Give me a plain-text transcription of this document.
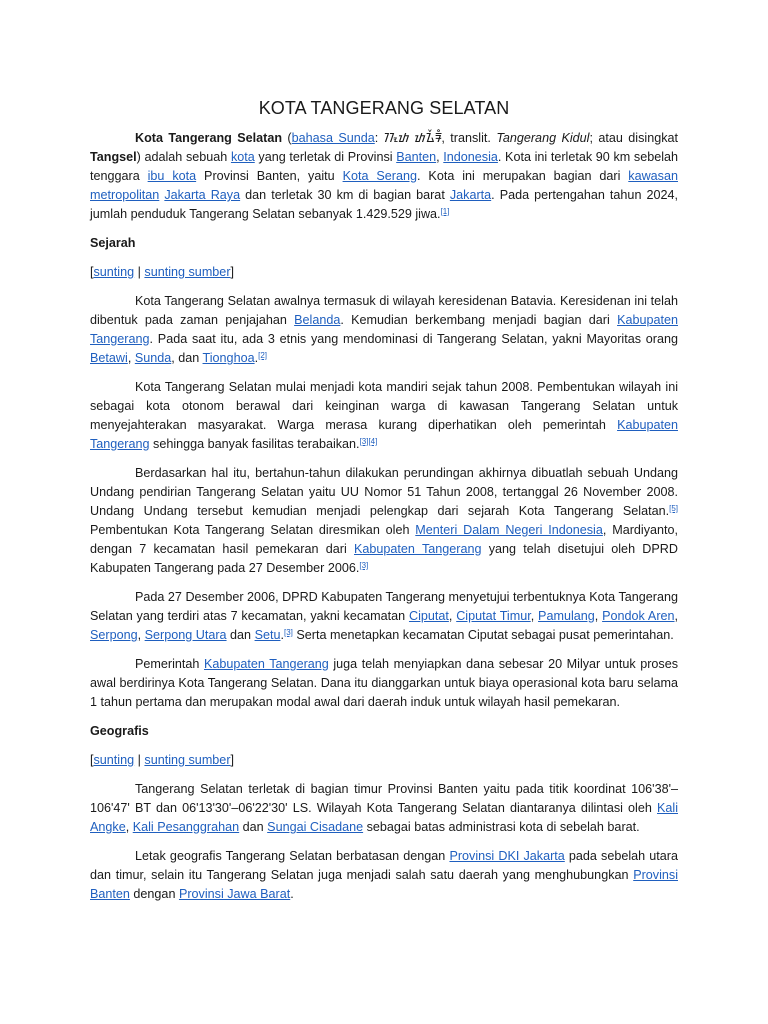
KOTA TANGERANG SELATAN

Kota Tangerang Selatan (bahasa Sunda: ᮊᮧᮒ ᮒᮍᮨᮛᮀ, translit. Tangerang Kidul; atau disingkat Tangsel) adalah sebuah kota yang terletak di Provinsi Banten, Indonesia. Kota ini terletak 90 km sebelah tenggara ibu kota Provinsi Banten, yaitu Kota Serang. Kota ini merupakan bagian dari kawasan metropolitan Jakarta Raya dan terletak 30 km di bagian barat Jakarta. Pada pertengahan tahun 2024, jumlah penduduk Tangerang Selatan sebanyak 1.429.529 jiwa.[1]

Sejarah
[sunting | sunting sumber]

Kota Tangerang Selatan awalnya termasuk di wilayah keresidenan Batavia. Keresidenan ini telah dibentuk pada zaman penjajahan Belanda. Kemudian berkembang menjadi bagian dari Kabupaten Tangerang. Pada saat itu, ada 3 etnis yang mendominasi di Tangerang Selatan, yakni Mayoritas orang Betawi, Sunda, dan Tionghoa.[2]

Kota Tangerang Selatan mulai menjadi kota mandiri sejak tahun 2008. Pembentukan wilayah ini sebagai kota otonom berawal dari keinginan warga di kawasan Tangerang Selatan untuk menyejahterakan masyarakat. Warga merasa kurang diperhatikan oleh pemerintah Kabupaten Tangerang sehingga banyak fasilitas terabaikan.[3][4]

Berdasarkan hal itu, bertahun-tahun dilakukan perundingan akhirnya dibuatlah sebuah Undang Undang pendirian Tangerang Selatan yaitu UU Nomor 51 Tahun 2008, tertanggal 26 November 2008. Undang Undang tersebut kemudian menjadi pelengkap dari sejarah Kota Tangerang Selatan.[5] Pembentukan Kota Tangerang Selatan diresmikan oleh Menteri Dalam Negeri Indonesia, Mardiyanto, dengan 7 kecamatan hasil pemekaran dari Kabupaten Tangerang yang telah disetujui oleh DPRD Kabupaten Tangerang pada 27 Desember 2006.[3]

Pada 27 Desember 2006, DPRD Kabupaten Tangerang menyetujui terbentuknya Kota Tangerang Selatan yang terdiri atas 7 kecamatan, yakni kecamatan Ciputat, Ciputat Timur, Pamulang, Pondok Aren, Serpong, Serpong Utara dan Setu.[3] Serta menetapkan kecamatan Ciputat sebagai pusat pemerintahan.

Pemerintah Kabupaten Tangerang juga telah menyiapkan dana sebesar 20 Milyar untuk proses awal berdirinya Kota Tangerang Selatan. Dana itu dianggarkan untuk biaya operasional kota baru selama 1 tahun pertama dan merupakan modal awal dari daerah induk untuk wilayah hasil pemekaran.

Geografis
[sunting | sunting sumber]

Tangerang Selatan terletak di bagian timur Provinsi Banten yaitu pada titik koordinat 106'38'–106'47' BT dan 06'13'30'–06'22'30' LS. Wilayah Kota Tangerang Selatan diantaranya dilintasi oleh Kali Angke, Kali Pesanggrahan dan Sungai Cisadane sebagai batas administrasi kota di sebelah barat.

Letak geografis Tangerang Selatan berbatasan dengan Provinsi DKI Jakarta pada sebelah utara dan timur, selain itu Tangerang Selatan juga menjadi salah satu daerah yang menghubungkan Provinsi Banten dengan Provinsi Jawa Barat.
